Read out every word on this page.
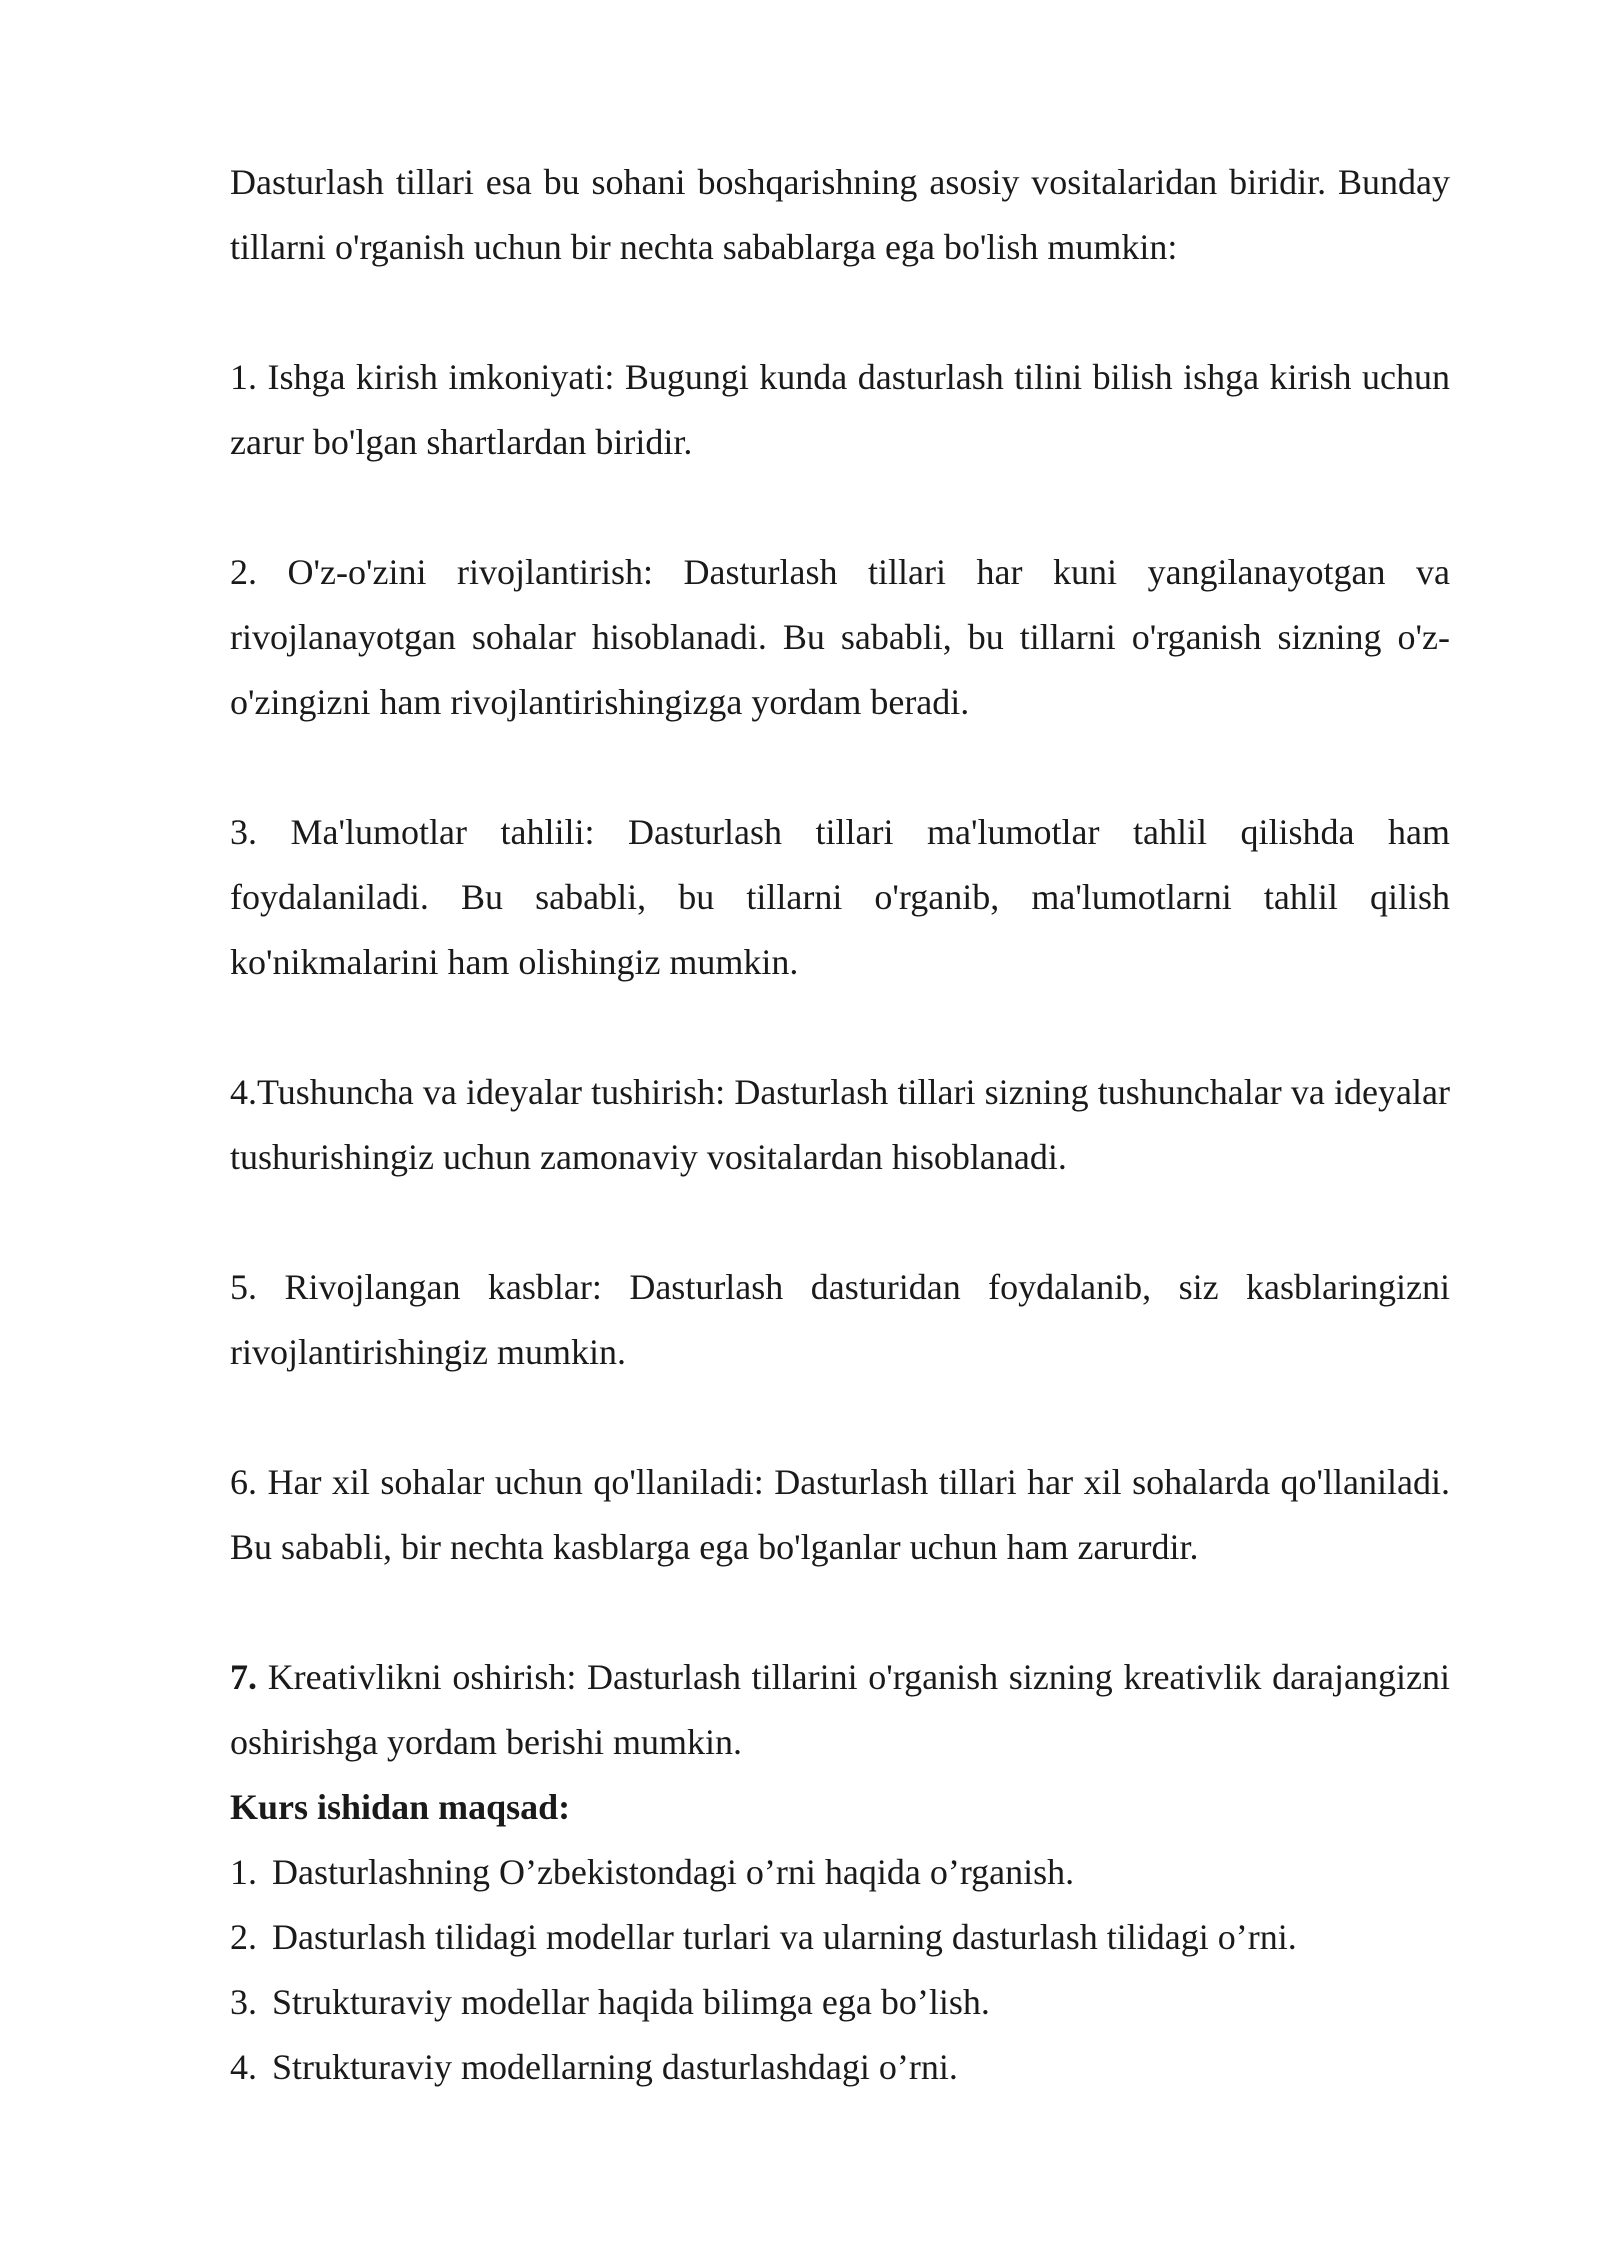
Dasturlash tillari esa bu sohani boshqarishning asosiy vositalaridan biridir. Bunday tillarni o'rganish uchun bir nechta sabablarga ega bo'lish mumkin:

1. Ishga kirish imkoniyati: Bugungi kunda dasturlash tilini bilish ishga kirish uchun zarur bo'lgan shartlardan biridir.

2. O'z-o'zini rivojlantirish: Dasturlash tillari har kuni yangilanayotgan va rivojlanayotgan sohalar hisoblanadi. Bu sababli, bu tillarni o'rganish sizning o'z-o'zingizni ham rivojlantirishingizga yordam beradi.

3. Ma'lumotlar tahlili: Dasturlash tillari ma'lumotlar tahlil qilishda ham foydalaniladi. Bu sababli, bu tillarni o'rganib, ma'lumotlarni tahlil qilish ko'nikmalarini ham olishingiz mumkin.

4.Tushuncha va ideyalar tushirish: Dasturlash tillari sizning tushunchalar va ideyalar tushurishingiz uchun zamonaviy vositalardan hisoblanadi.

5. Rivojlangan kasblar: Dasturlash dasturidan foydalanib, siz kasblaringizni rivojlantirishingiz mumkin.

6. Har xil sohalar uchun qo'llaniladi: Dasturlash tillari har xil sohalarda qo'llaniladi. Bu sababli, bir nechta kasblarga ega bo'lganlar uchun ham zarurdir.

7. Kreativlikni oshirish: Dasturlash tillarini o'rganish sizning kreativlik darajangizni oshirishga yordam berishi mumkin.

Kurs ishidan maqsad:

1. Dasturlashning O’zbekistondagi o’rni haqida o’rganish.
2. Dasturlash tilidagi modellar turlari va ularning dasturlash tilidagi o’rni.
3. Strukturaviy modellar haqida bilimga ega bo’lish.
4. Strukturaviy modellarning dasturlashdagi o’rni.
